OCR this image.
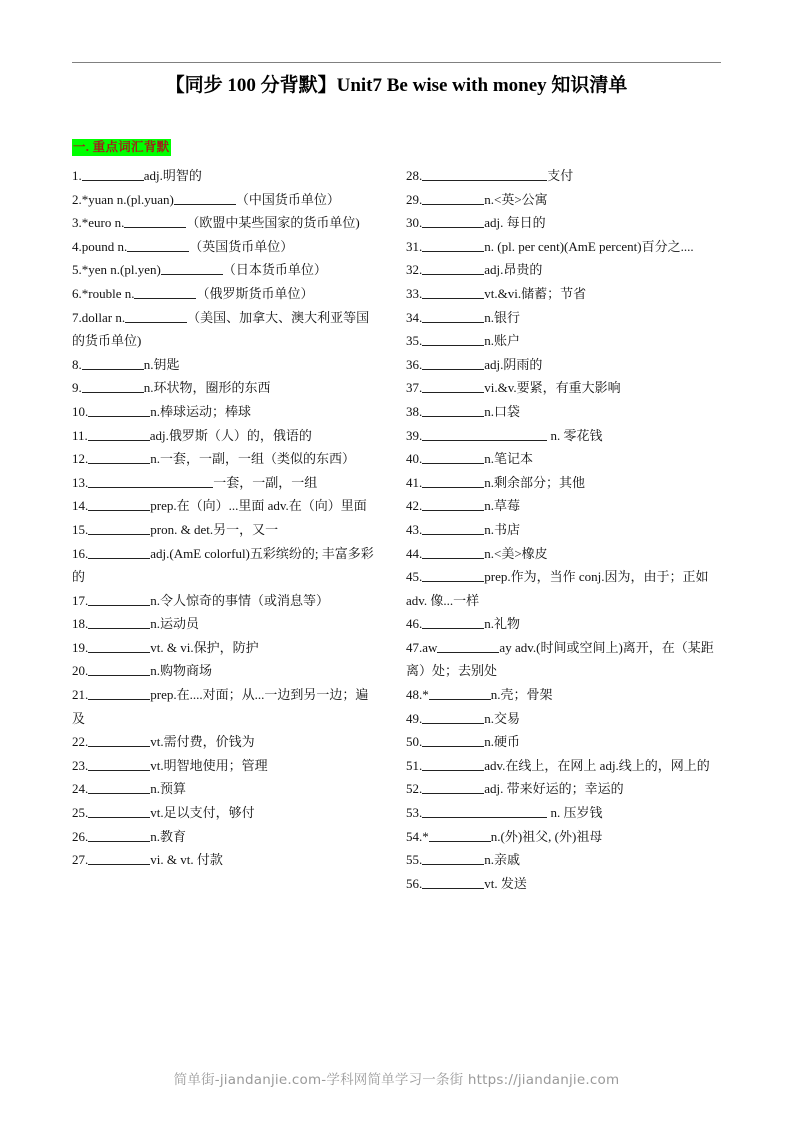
【同步 100 分背默】Unit7 Be wise with money 知识清单
一. 重点词汇背默
1.	adj.明智的
2.*yuan n.(pl.yuan)	（中国货币单位）
3.*euro n.	（欧盟中某些国家的货币单位)
4.pound n.	（英国货币单位）
5.*yen n.(pl.yen)	（日本货币单位）
6.*rouble n.	（俄罗斯货币单位）
7.dollar n.	（美国、加拿大、澳大利亚等国的货币单位)
8.	n.钥匙
9.	n.环状物，圈形的东西
10.	n.棒球运动；棒球
11.	adj.俄罗斯（人）的，俄语的
12.	n.一套，一副，一组（类似的东西）
13.	一套，一副，一组
14.	prep.在（向）...里面 adv.在（向）里面
15.	pron. & det.另一，又一
16.	adj.(AmE colorful)五彩缤纷的; 丰富多彩的
17.	n.令人惊奇的事情（或消息等）
18.	n.运动员
19.	vt. & vi.保护，防护
20.	n.购物商场
21.	prep.在....对面；从...一边到另一边；遍及
22.	vt.需付费，价钱为
23.	vt.明智地使用；管理
24.	n.预算
25.	vt.足以支付，够付
26.	n.教育
27.	vi. & vt. 付款
28.	支付
29.	n.<英>公寓
30.	adj. 每日的
31.	n. (pl. per cent)(AmE percent)百分之....
32.	adj.昂贵的
33.	vt.&vi.储蓄；节省
34.	n.银行
35.	n.账户
36.	adj.阴雨的
37.	vi.&v.要紧，有重大影响
38.	n.口袋
39.	n. 零花钱
40.	n.笔记本
41.	n.剩余部分；其他
42.	n.草莓
43.	n.书店
44.	n.<美>橡皮
45.	prep.作为，当作 conj.因为，由于；正如 adv. 像...一样
46.	n.礼物
47.aw	ay adv.(时间或空间上)离开，在（某距离）处；去别处
48.*	n.壳；骨架
49.	n.交易
50.	n.硬币
51.	adv.在线上，在网上 adj.线上的，网上的
52.	adj. 带来好运的；幸运的
53.	n. 压岁钱
54.*	n.(外)祖父, (外)祖母
55.	n.亲戚
56.	vt. 发送
简单街-jiandanjie.com-学科网简单学习一条街 https://jiandanjie.com
